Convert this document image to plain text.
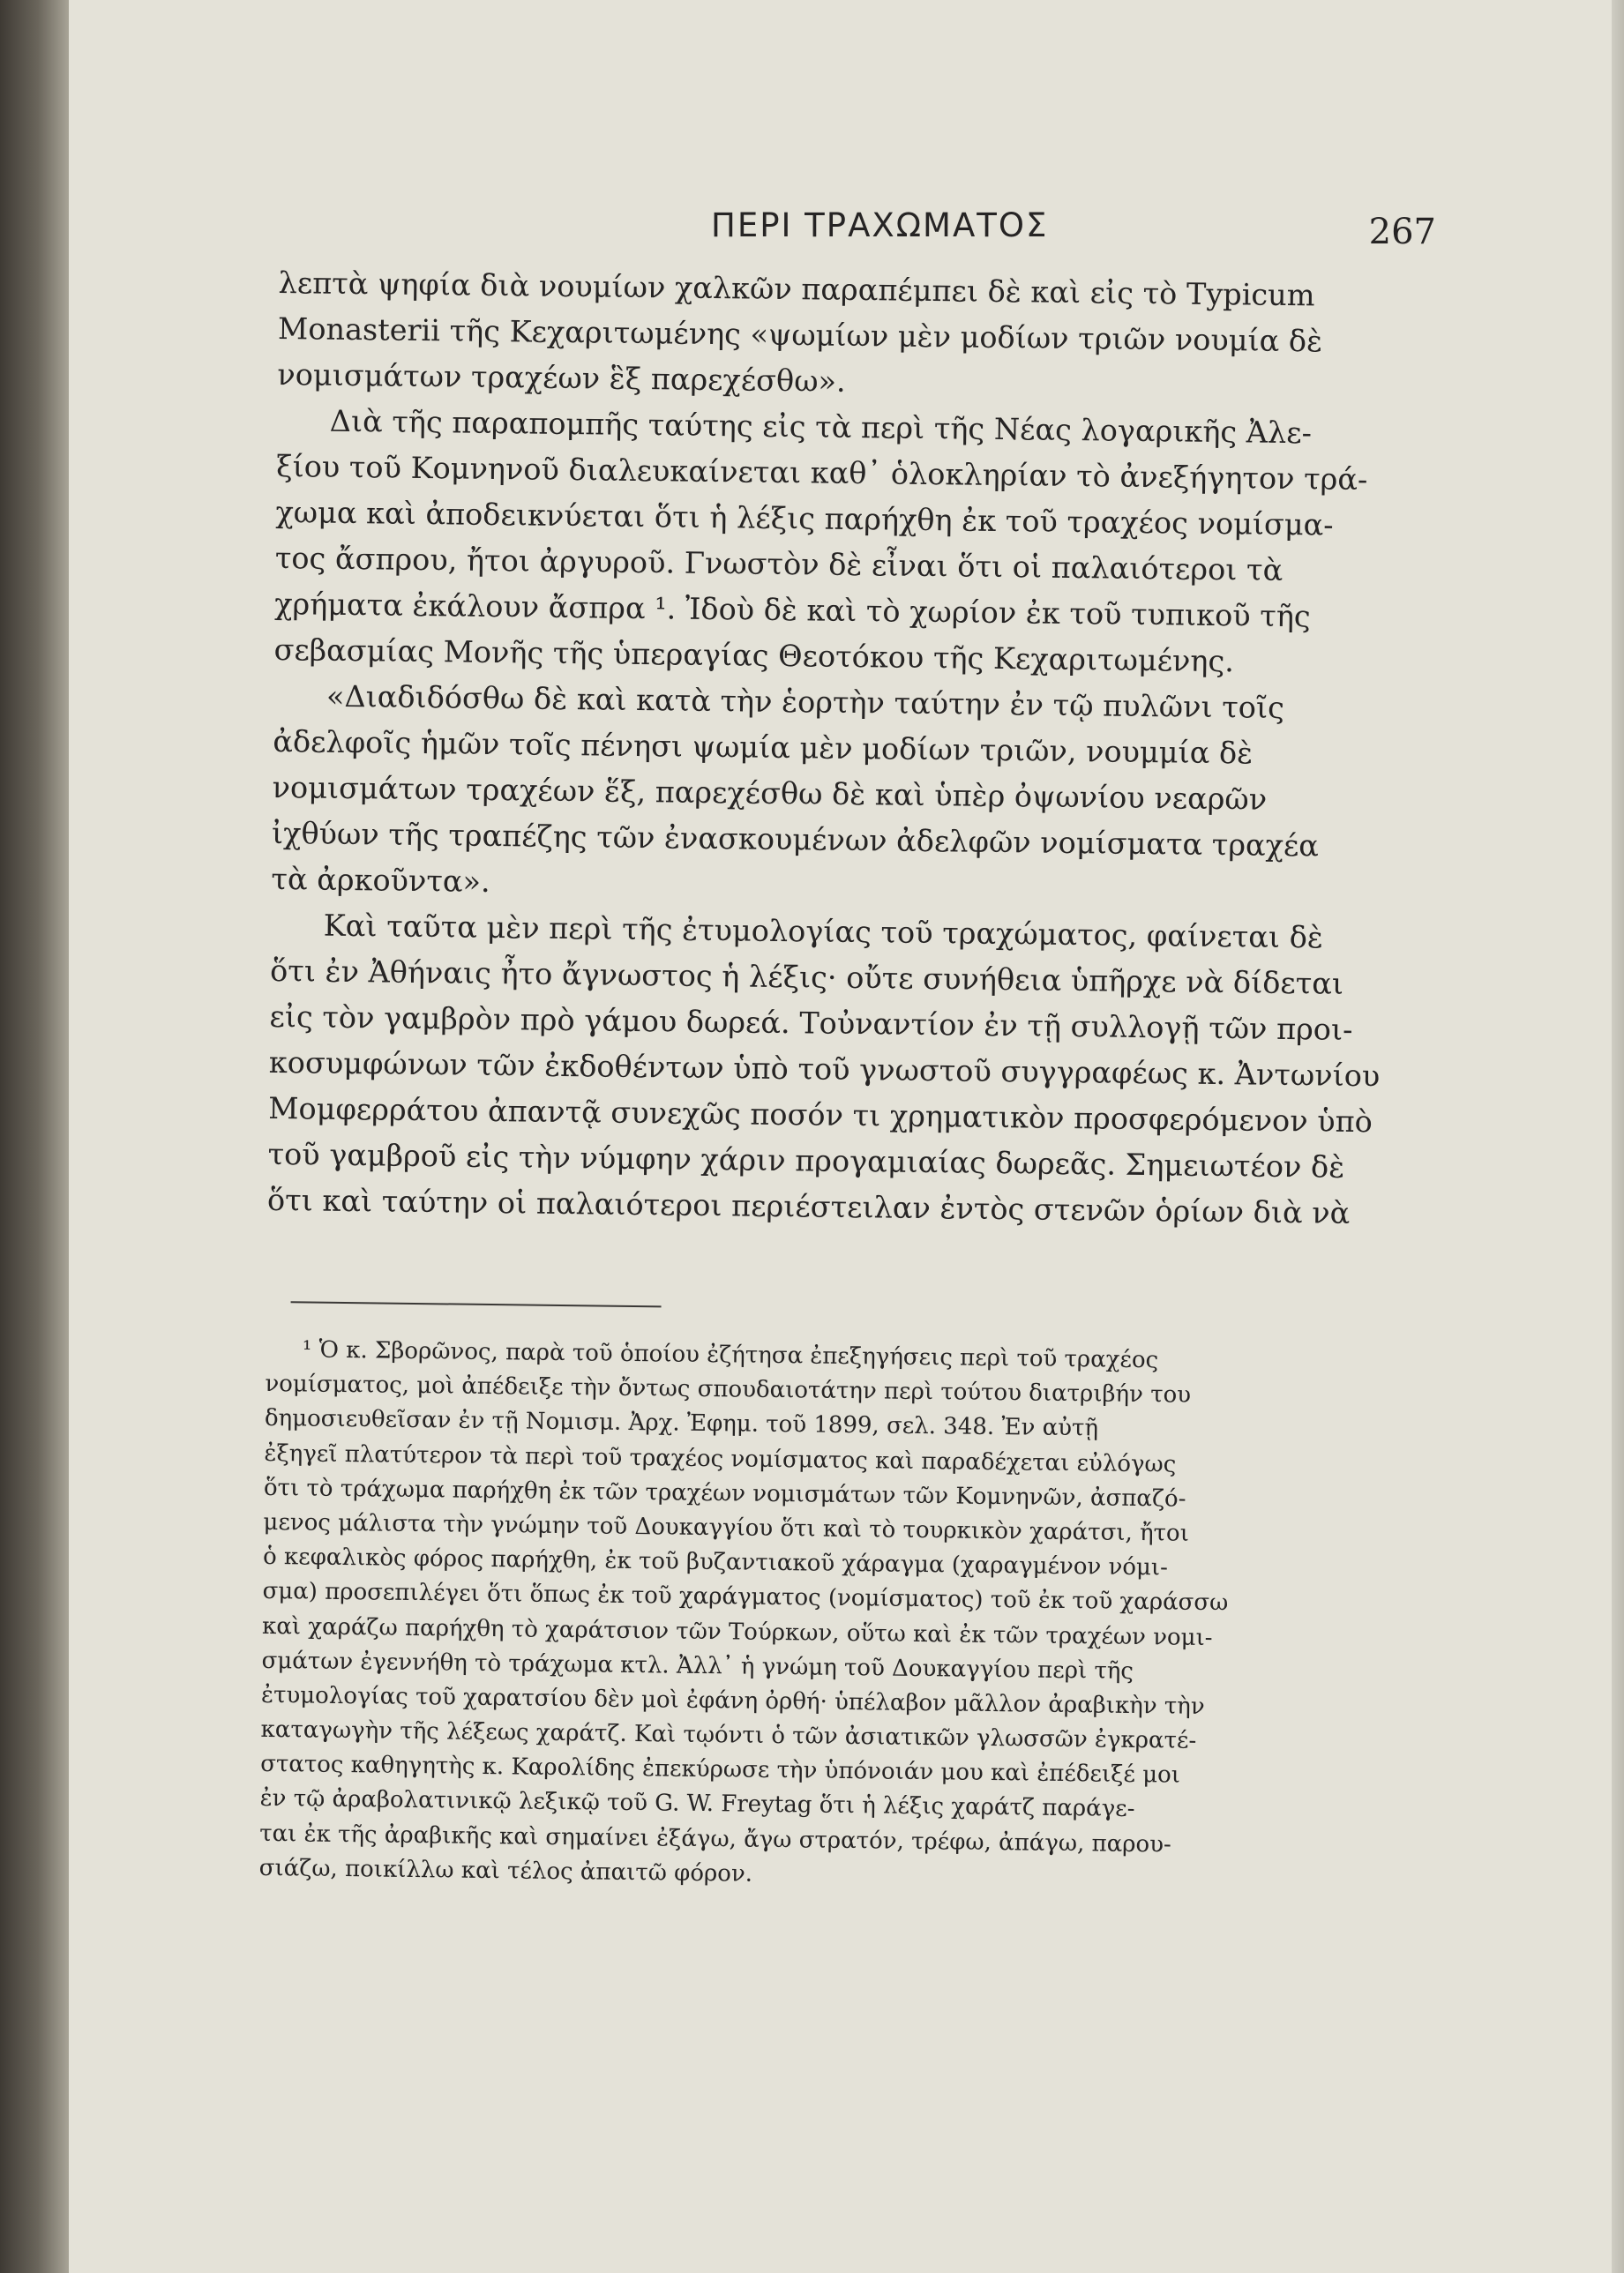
ΠΕΡΙ ΤΡΑΧΩΜΑΤΟΣ	267
λεπτὰ ψηφία διὰ νουμίων χαλκῶν παραπέμπει δὲ καὶ εἰς τὸ Typicum
Monasterii τῆς Κεχαριτωμένης «ψωμίων μὲν μοδίων τριῶν νουμία δὲ
νομισμάτων τραχέων ἓξ παρεχέσθω».
Διὰ τῆς παραπομπῆς ταύτης εἰς τὰ περὶ τῆς Νέας λογαρικῆς Ἀλε-
ξίου τοῦ Κομνηνοῦ διαλευκαίνεται καθ᾽ ὁλοκληρίαν τὸ ἀνεξήγητον τρά-
χωμα καὶ ἀποδεικνύεται ὅτι ἡ λέξις παρήχθη ἐκ τοῦ τραχέος νομίσμα-
τος ἄσπρου, ἤτοι ἀργυροῦ. Γνωστὸν δὲ εἶναι ὅτι οἱ παλαιότεροι τὰ
χρήματα ἐκάλουν ἄσπρα ¹. Ἰδοὺ δὲ καὶ τὸ χωρίον ἐκ τοῦ τυπικοῦ τῆς
σεβασμίας Μονῆς τῆς ὑπεραγίας Θεοτόκου τῆς Κεχαριτωμένης.
«Διαδιδόσθω δὲ καὶ κατὰ τὴν ἑορτὴν ταύτην ἐν τῷ πυλῶνι τοῖς
ἀδελφοῖς ἡμῶν τοῖς πένησι ψωμία μὲν μοδίων τριῶν, νουμμία δὲ
νομισμάτων τραχέων ἕξ, παρεχέσθω δὲ καὶ ὑπὲρ ὀψωνίου νεαρῶν
ἰχθύων τῆς τραπέζης τῶν ἐνασκουμένων ἀδελφῶν νομίσματα τραχέα
τὰ ἀρκοῦντα».
Καὶ ταῦτα μὲν περὶ τῆς ἐτυμολογίας τοῦ τραχώματος, φαίνεται δὲ
ὅτι ἐν Ἀθήναις ἦτο ἄγνωστος ἡ λέξις· οὔτε συνήθεια ὑπῆρχε νὰ δίδεται
εἰς τὸν γαμβρὸν πρὸ γάμου δωρεά. Τοὐναντίον ἐν τῇ συλλογῇ τῶν προι-
κοσυμφώνων τῶν ἐκδοθέντων ὑπὸ τοῦ γνωστοῦ συγγραφέως κ. Ἀντωνίου
Μομφερράτου ἀπαντᾷ συνεχῶς ποσόν τι χρηματικὸν προσφερόμενον ὑπὸ
τοῦ γαμβροῦ εἰς τὴν νύμφην χάριν προγαμιαίας δωρεᾶς. Σημειωτέον δὲ
ὅτι καὶ ταύτην οἱ παλαιότεροι περιέστειλαν ἐντὸς στενῶν ὁρίων διὰ νὰ
¹ Ὁ κ. Σβορῶνος, παρὰ τοῦ ὁποίου ἐζήτησα ἐπεξηγήσεις περὶ τοῦ τραχέος
νομίσματος, μοὶ ἀπέδειξε τὴν ὄντως σπουδαιοτάτην περὶ τούτου διατριβήν του
δημοσιευθεῖσαν ἐν τῇ Νομισμ. Ἀρχ. Ἐφημ. τοῦ 1899, σελ. 348. Ἐν αὐτῇ
ἐξηγεῖ πλατύτερον τὰ περὶ τοῦ τραχέος νομίσματος καὶ παραδέχεται εὐλόγως
ὅτι τὸ τράχωμα παρήχθη ἐκ τῶν τραχέων νομισμάτων τῶν Κομνηνῶν, ἀσπαζό-
μενος μάλιστα τὴν γνώμην τοῦ Δουκαγγίου ὅτι καὶ τὸ τουρκικὸν χαράτσι, ἤτοι
ὁ κεφαλικὸς φόρος παρήχθη, ἐκ τοῦ βυζαντιακοῦ χάραγμα (χαραγμένον νόμι-
σμα) προσεπιλέγει ὅτι ὅπως ἐκ τοῦ χαράγματος (νομίσματος) τοῦ ἐκ τοῦ χαράσσω
καὶ χαράζω παρήχθη τὸ χαράτσιον τῶν Τούρκων, οὕτω καὶ ἐκ τῶν τραχέων νομι-
σμάτων ἐγεννήθη τὸ τράχωμα κτλ. Ἀλλ᾽ ἡ γνώμη τοῦ Δουκαγγίου περὶ τῆς
ἐτυμολογίας τοῦ χαρατσίου δὲν μοὶ ἐφάνη ὀρθή· ὑπέλαβον μᾶλλον ἀραβικὴν τὴν
καταγωγὴν τῆς λέξεως χαράτζ. Καὶ τῳόντι ὁ τῶν ἀσιατικῶν γλωσσῶν ἐγκρατέ-
στατος καθηγητὴς κ. Καρολίδης ἐπεκύρωσε τὴν ὑπόνοιάν μου καὶ ἐπέδειξέ μοι
ἐν τῷ ἀραβολατινικῷ λεξικῷ τοῦ G. W. Freytag ὅτι ἡ λέξις χαράτζ παράγε-
ται ἐκ τῆς ἀραβικῆς καὶ σημαίνει ἐξάγω, ἄγω στρατόν, τρέφω, ἀπάγω, παρου-
σιάζω, ποικίλλω καὶ τέλος ἀπαιτῶ φόρον.
